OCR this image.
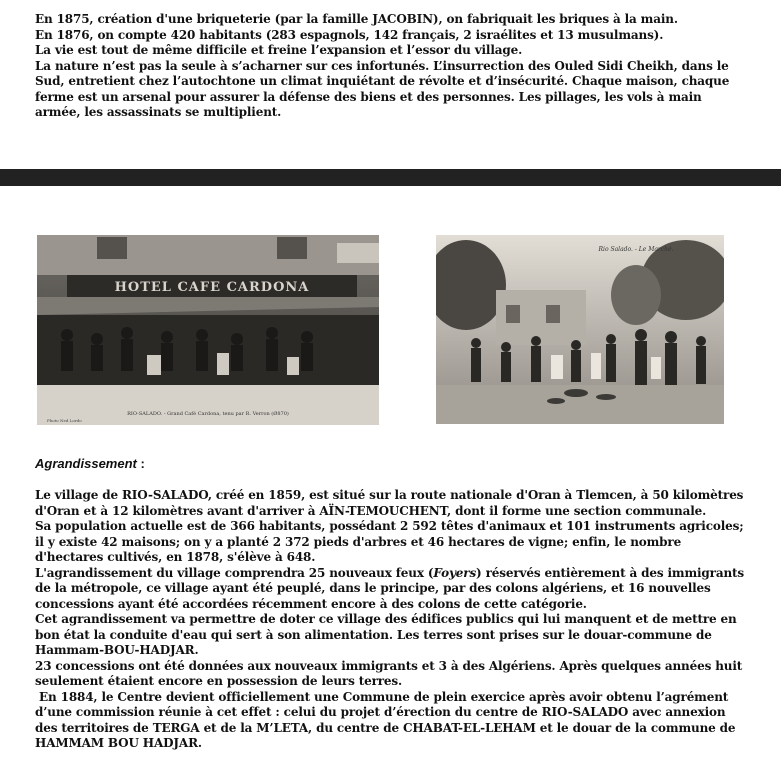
En 1875, création d'une briqueterie (par la famille JACOBIN), on fabriquait les briques à la main.

En 1876, on compte 420 habitants (283 espagnols, 142 français, 2 israélites et 13 musulmans).

La vie est tout de même difficile et freine l’expansion et l’essor du village.

La nature n’est pas la seule à s’acharner sur ces infortunés. L’insurrection des Ouled Sidi Cheikh, dans le Sud, entretient chez l’autochtone un climat inquiétant de révolte et d’insécurité. Chaque maison, chaque ferme est un arsenal pour assurer la défense des biens et des personnes. Les pillages, les vols à main armée, les assassinats se multiplient.

HOTEL CAFE CARDONA
RIO-SALADO. - Grand Café Cardona, tenu par R. Verron (Ø870)
Photo Ned Lordo
Rio Salado. - Le Marché.
Agrandissement :

Le village de RIO-SALADO, créé en 1859, est situé sur la route nationale d'Oran à Tlemcen, à 50 kilomètres d'Oran et à 12 kilomètres avant d'arriver à AÏN-TEMOUCHENT, dont il forme une section communale.

Sa population actuelle est de 366 habitants, possédant 2 592 têtes d'animaux et 101 instruments agricoles; il y existe 42 maisons; on y a planté 2 372 pieds d'arbres et 46 hectares de vigne; enfin, le nombre d'hectares cultivés, en 1878, s'élève à 648.

L'agrandissement du village comprendra 25 nouveaux feux (Foyers) réservés entièrement à des immigrants de la métropole, ce village ayant été peuplé, dans le principe, par des colons algériens, et 16 nouvelles concessions ayant été accordées récemment encore à des colons de cette catégorie.

Cet agrandissement va permettre de doter ce village des édifices publics qui lui manquent et de mettre en bon état la conduite d'eau qui sert à son alimentation. Les terres sont prises sur le douar-commune de Hammam-BOU-HADJAR.

23 concessions ont été données aux nouveaux immigrants et 3 à des Algériens. Après quelques années huit seulement étaient encore en possession de leurs terres.

En 1884, le Centre devient officiellement une Commune de plein exercice après avoir obtenu l’agrément d’une commission réunie à cet effet : celui du projet d’érection du centre de RIO-SALADO avec annexion des territoires de TERGA et de la M’LETA, du centre de CHABAT-EL-LEHAM et le douar de la commune de HAMMAM BOU HADJAR.
